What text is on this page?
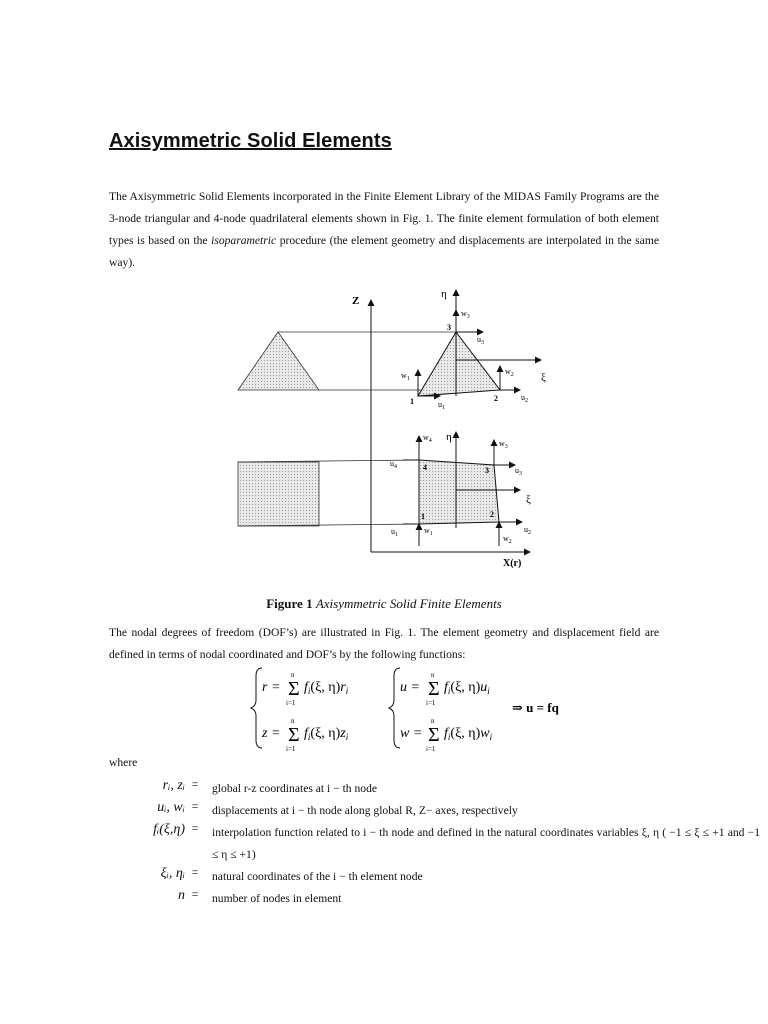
Axisymmetric Solid Elements
The Axisymmetric Solid Elements incorporated in the Finite Element Library of the MIDAS Family Programs are the 3-node triangular and 4-node quadrilateral elements shown in Fig. 1. The finite element formulation of both element types is based on the isoparametric procedure (the element geometry and displacements are interpolated in the same way).
Z
X(r)
η
ξ
$w_3$
$u_3$
3
$w_2$
$u_2$
2
$w_1$
$u_1$
1
η
ξ
$w_4$
$u_4$	4
$w_3$
$u_3$
3
$w_1$
$u_1$
1
$w_2$
$u_2$
2
Figure 1 Axisymmetric Solid Finite Elements
The nodal degrees of freedom (DOF’s) are illustrated in Fig. 1. The element geometry and displacement field are defined in terms of nodal coordinated and DOF’s by the following functions:
r = Σ
n
i=1
$f_i(\xi$, $\eta)r_i$
z = Σ
n
i=1
$f_i(\xi$, $\eta)z_i$
u = Σ
n
i=1
$f_i(\xi$, $\eta)u_i$
w = Σ
n
i=1
$f_i(\xi$, $\eta)w_i$
⇒ u = fq
where
rᵢ, zᵢ =	global r-z coordinates at i − th node
uᵢ, wᵢ =	displacements at i − th node along global R, Z− axes, respectively
fᵢ(ξ,η) =	interpolation function related to i − th node and defined in the natural coordinates variables ξ, η ( −1 ≤ ξ ≤ +1 and −1 ≤ η ≤ +1)
ξᵢ, ηᵢ =	natural coordinates of the i − th element node
n =	number of nodes in element
